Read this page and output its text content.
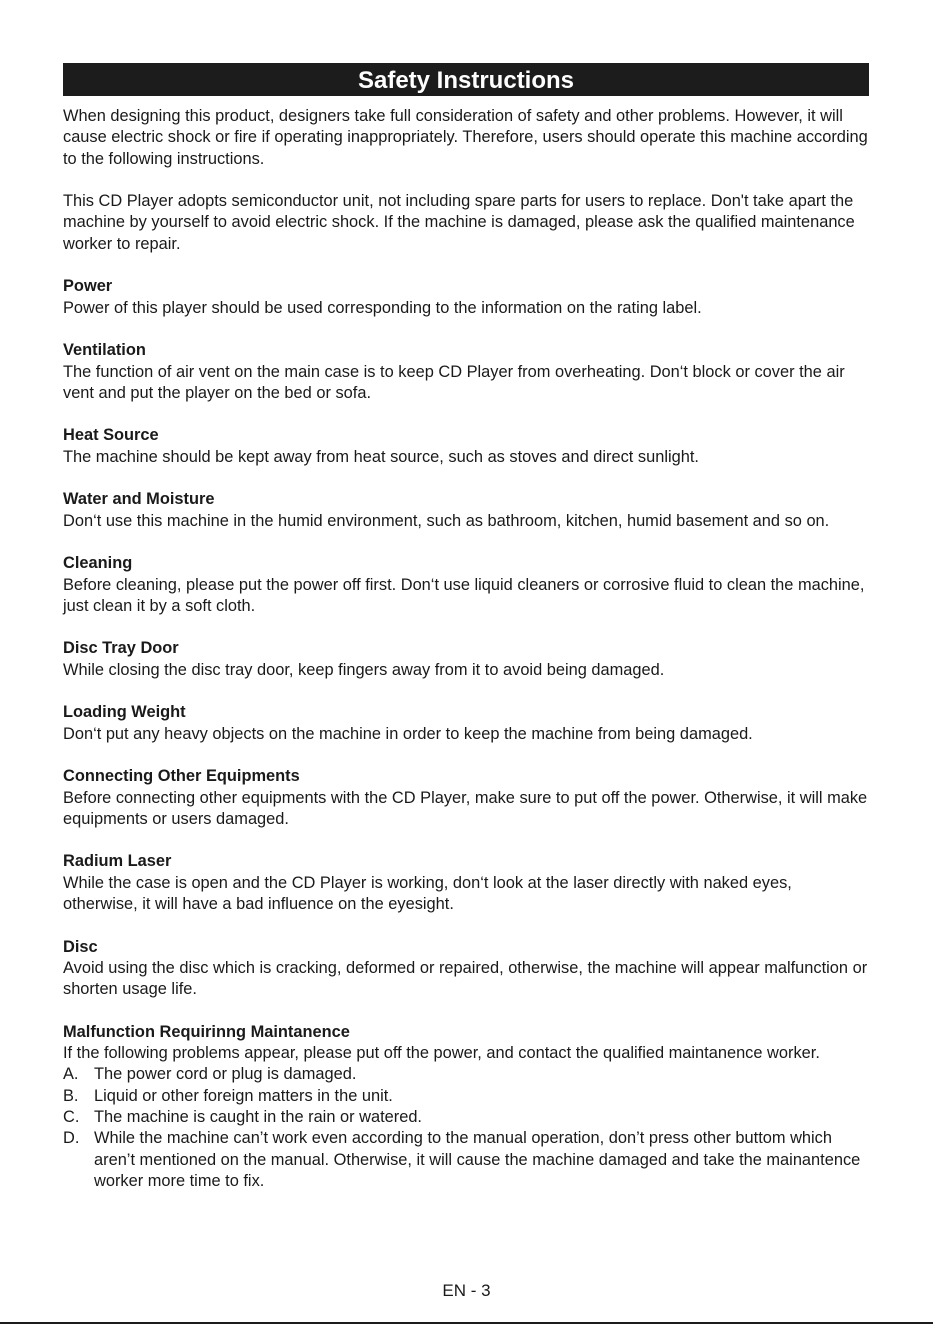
Safety Instructions

When designing this product, designers take full consideration of safety and other problems. However, it will cause electric shock or fire if operating inappropriately. Therefore, users should operate this machine according to the following instructions.

This CD Player adopts semiconductor unit, not including spare parts for users to replace. Don't take apart the machine by yourself to avoid electric shock. If the machine is damaged, please ask the qualified maintenance worker to repair.

Power

Power of this player should be used corresponding to the information on the rating label.

Ventilation

The function of air vent on the main case is to keep CD Player from overheating. Don‘t block or cover the air vent and put the player on the bed or sofa.

Heat Source

The machine should be kept away from heat source, such as stoves and direct sunlight.

Water and Moisture

Don‘t use this machine in the humid environment, such as bathroom, kitchen, humid basement and so on.

Cleaning

Before cleaning, please put the power off first. Don‘t use liquid cleaners or corrosive fluid to clean the machine, just clean it by a soft cloth.

Disc Tray Door

While closing the disc tray door, keep fingers away from it to avoid being damaged.

Loading Weight

Don‘t put any heavy objects on the machine in order to keep the machine from being damaged.

Connecting Other Equipments

Before connecting other equipments with the CD Player, make sure to put off the power. Otherwise, it will make equipments or users damaged.

Radium Laser

While the case is open and the CD Player is working, don‘t look at the laser directly with naked eyes, otherwise, it will have a bad influence on the eyesight.

Disc

Avoid using the disc which is cracking, deformed or repaired, otherwise, the machine will appear malfunction or shorten usage life.

Malfunction Requirinng Maintanence

If the following problems appear, please put off the power, and contact the qualified maintanence worker.

A. The power cord or plug is damaged.
B. Liquid or other foreign matters in the unit.
C. The machine is caught in the rain or watered.
D. While the machine can’t work even according to the manual operation, don’t press other buttom which aren’t mentioned on the manual. Otherwise, it will cause the machine damaged and take the mainantence worker more time to fix.
EN - 3
